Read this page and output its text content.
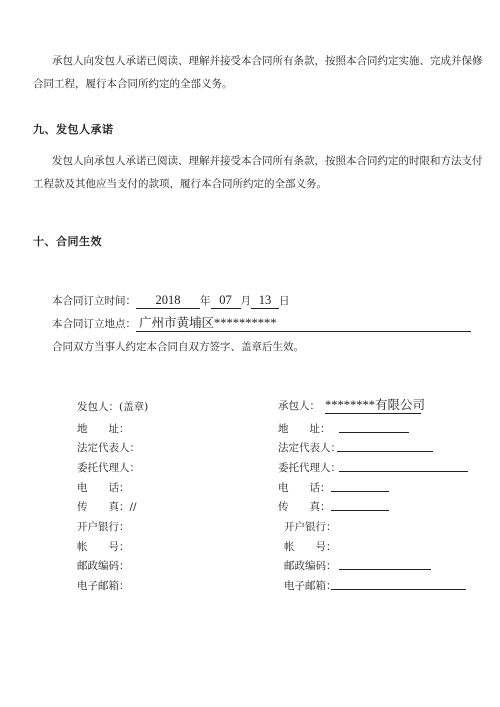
承包人向发包人承诺已阅读、理解并接受本合同所有条款，按照本合同约定实施、完成并保修
合同工程，履行本合同所约定的全部义务。
九、发包人承诺
发包人向承包人承诺已阅读、理解并接受本合同所有条款，按照本合同约定的时限和方法支付
工程款及其他应当支付的款项，履行本合同所约定的全部义务。
十、合同生效
本合同订立时间： 2018 年 07 月 13 日
本合同订立地点： 广州市黄埔区**********
合同双方当事人约定本合同自双方签字、盖章后生效。
发包人：(盖章)
地　　址：
法定代表人：
委托代理人：
电　　话：
传　　真：//
开户银行：
帐　　号：
邮政编码：
电子邮箱：
承包人： ********有限公司
地　　址：
法定代表人：
委托代理人：
电　　话：
传　　真：
开户银行：
帐　　号：
邮政编码：
电子邮箱：
